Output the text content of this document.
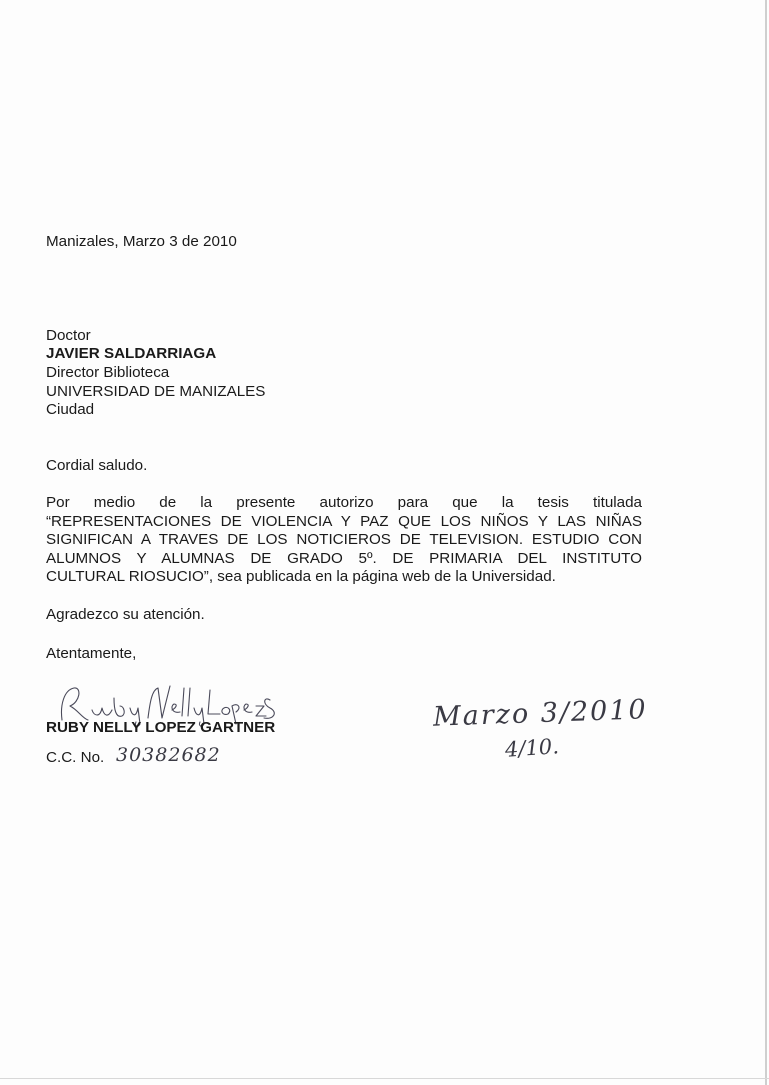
Manizales, Marzo 3 de 2010
Doctor
JAVIER SALDARRIAGA
Director Biblioteca
UNIVERSIDAD DE MANIZALES
Ciudad
Cordial saludo.
Por medio de la presente autorizo para que la tesis titulada
“REPRESENTACIONES DE VIOLENCIA Y PAZ QUE LOS NIÑOS Y LAS NIÑAS
SIGNIFICAN A TRAVES DE LOS NOTICIEROS DE TELEVISION. ESTUDIO CON
ALUMNOS Y ALUMNAS DE GRADO 5º. DE PRIMARIA DEL INSTITUTO
CULTURAL RIOSUCIO”, sea publicada en la página web de la Universidad.
Agradezco su atención.
Atentamente,
RUBY NELLY LOPEZ GARTNER
C.C. No. 30382682
Marzo 3/2010
4/10.
